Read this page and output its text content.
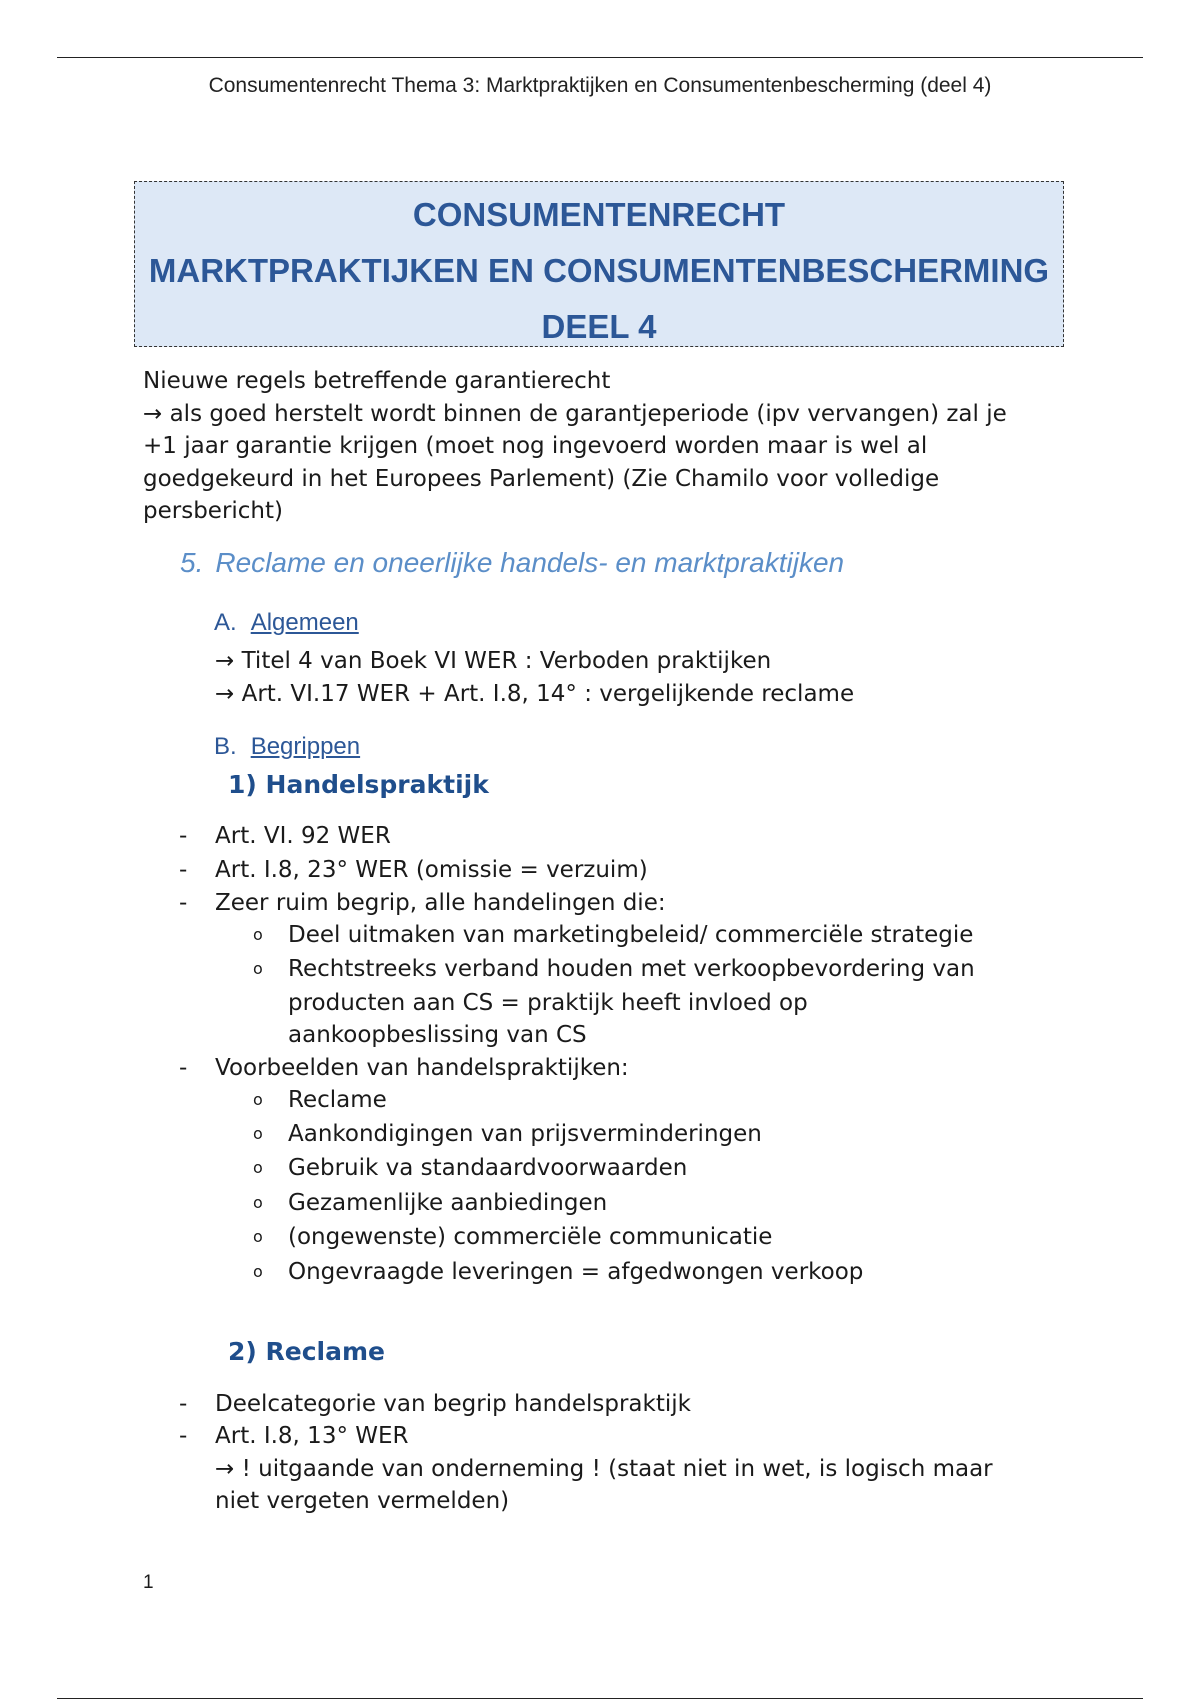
Consumentenrecht Thema 3: Marktpraktijken en Consumentenbescherming (deel 4)
CONSUMENTENRECHT
MARKTPRAKTIJKEN EN CONSUMENTENBESCHERMING
DEEL 4
Nieuwe regels betreffende garantierecht
→ als goed herstelt wordt binnen de garantjeperiode (ipv vervangen) zal je
+1 jaar garantie krijgen (moet nog ingevoerd worden maar is wel al
goedgekeurd in het Europees Parlement) (Zie Chamilo voor volledige
persbericht)
5. Reclame en oneerlijke handels- en marktpraktijken
A. Algemeen
→ Titel 4 van Boek VI WER : Verboden praktijken
→ Art. VI.17 WER + Art. I.8, 14° : vergelijkende reclame
B. Begrippen
1) Handelspraktijk
- Art. VI. 92 WER
- Art. I.8, 23° WER (omissie = verzuim)
- Zeer ruim begrip, alle handelingen die:
o Deel uitmaken van marketingbeleid/ commerciële strategie
o Rechtstreeks verband houden met verkoopbevordering van
producten aan CS = praktijk heeft invloed op
aankoopbeslissing van CS
- Voorbeelden van handelspraktijken:
o Reclame
o Aankondigingen van prijsverminderingen
o Gebruik va standaardvoorwaarden
o Gezamenlijke aanbiedingen
o (ongewenste) commerciële communicatie
o Ongevraagde leveringen = afgedwongen verkoop
2) Reclame
- Deelcategorie van begrip handelspraktijk
- Art. I.8, 13° WER
→ ! uitgaande van onderneming ! (staat niet in wet, is logisch maar
niet vergeten vermelden)
1
